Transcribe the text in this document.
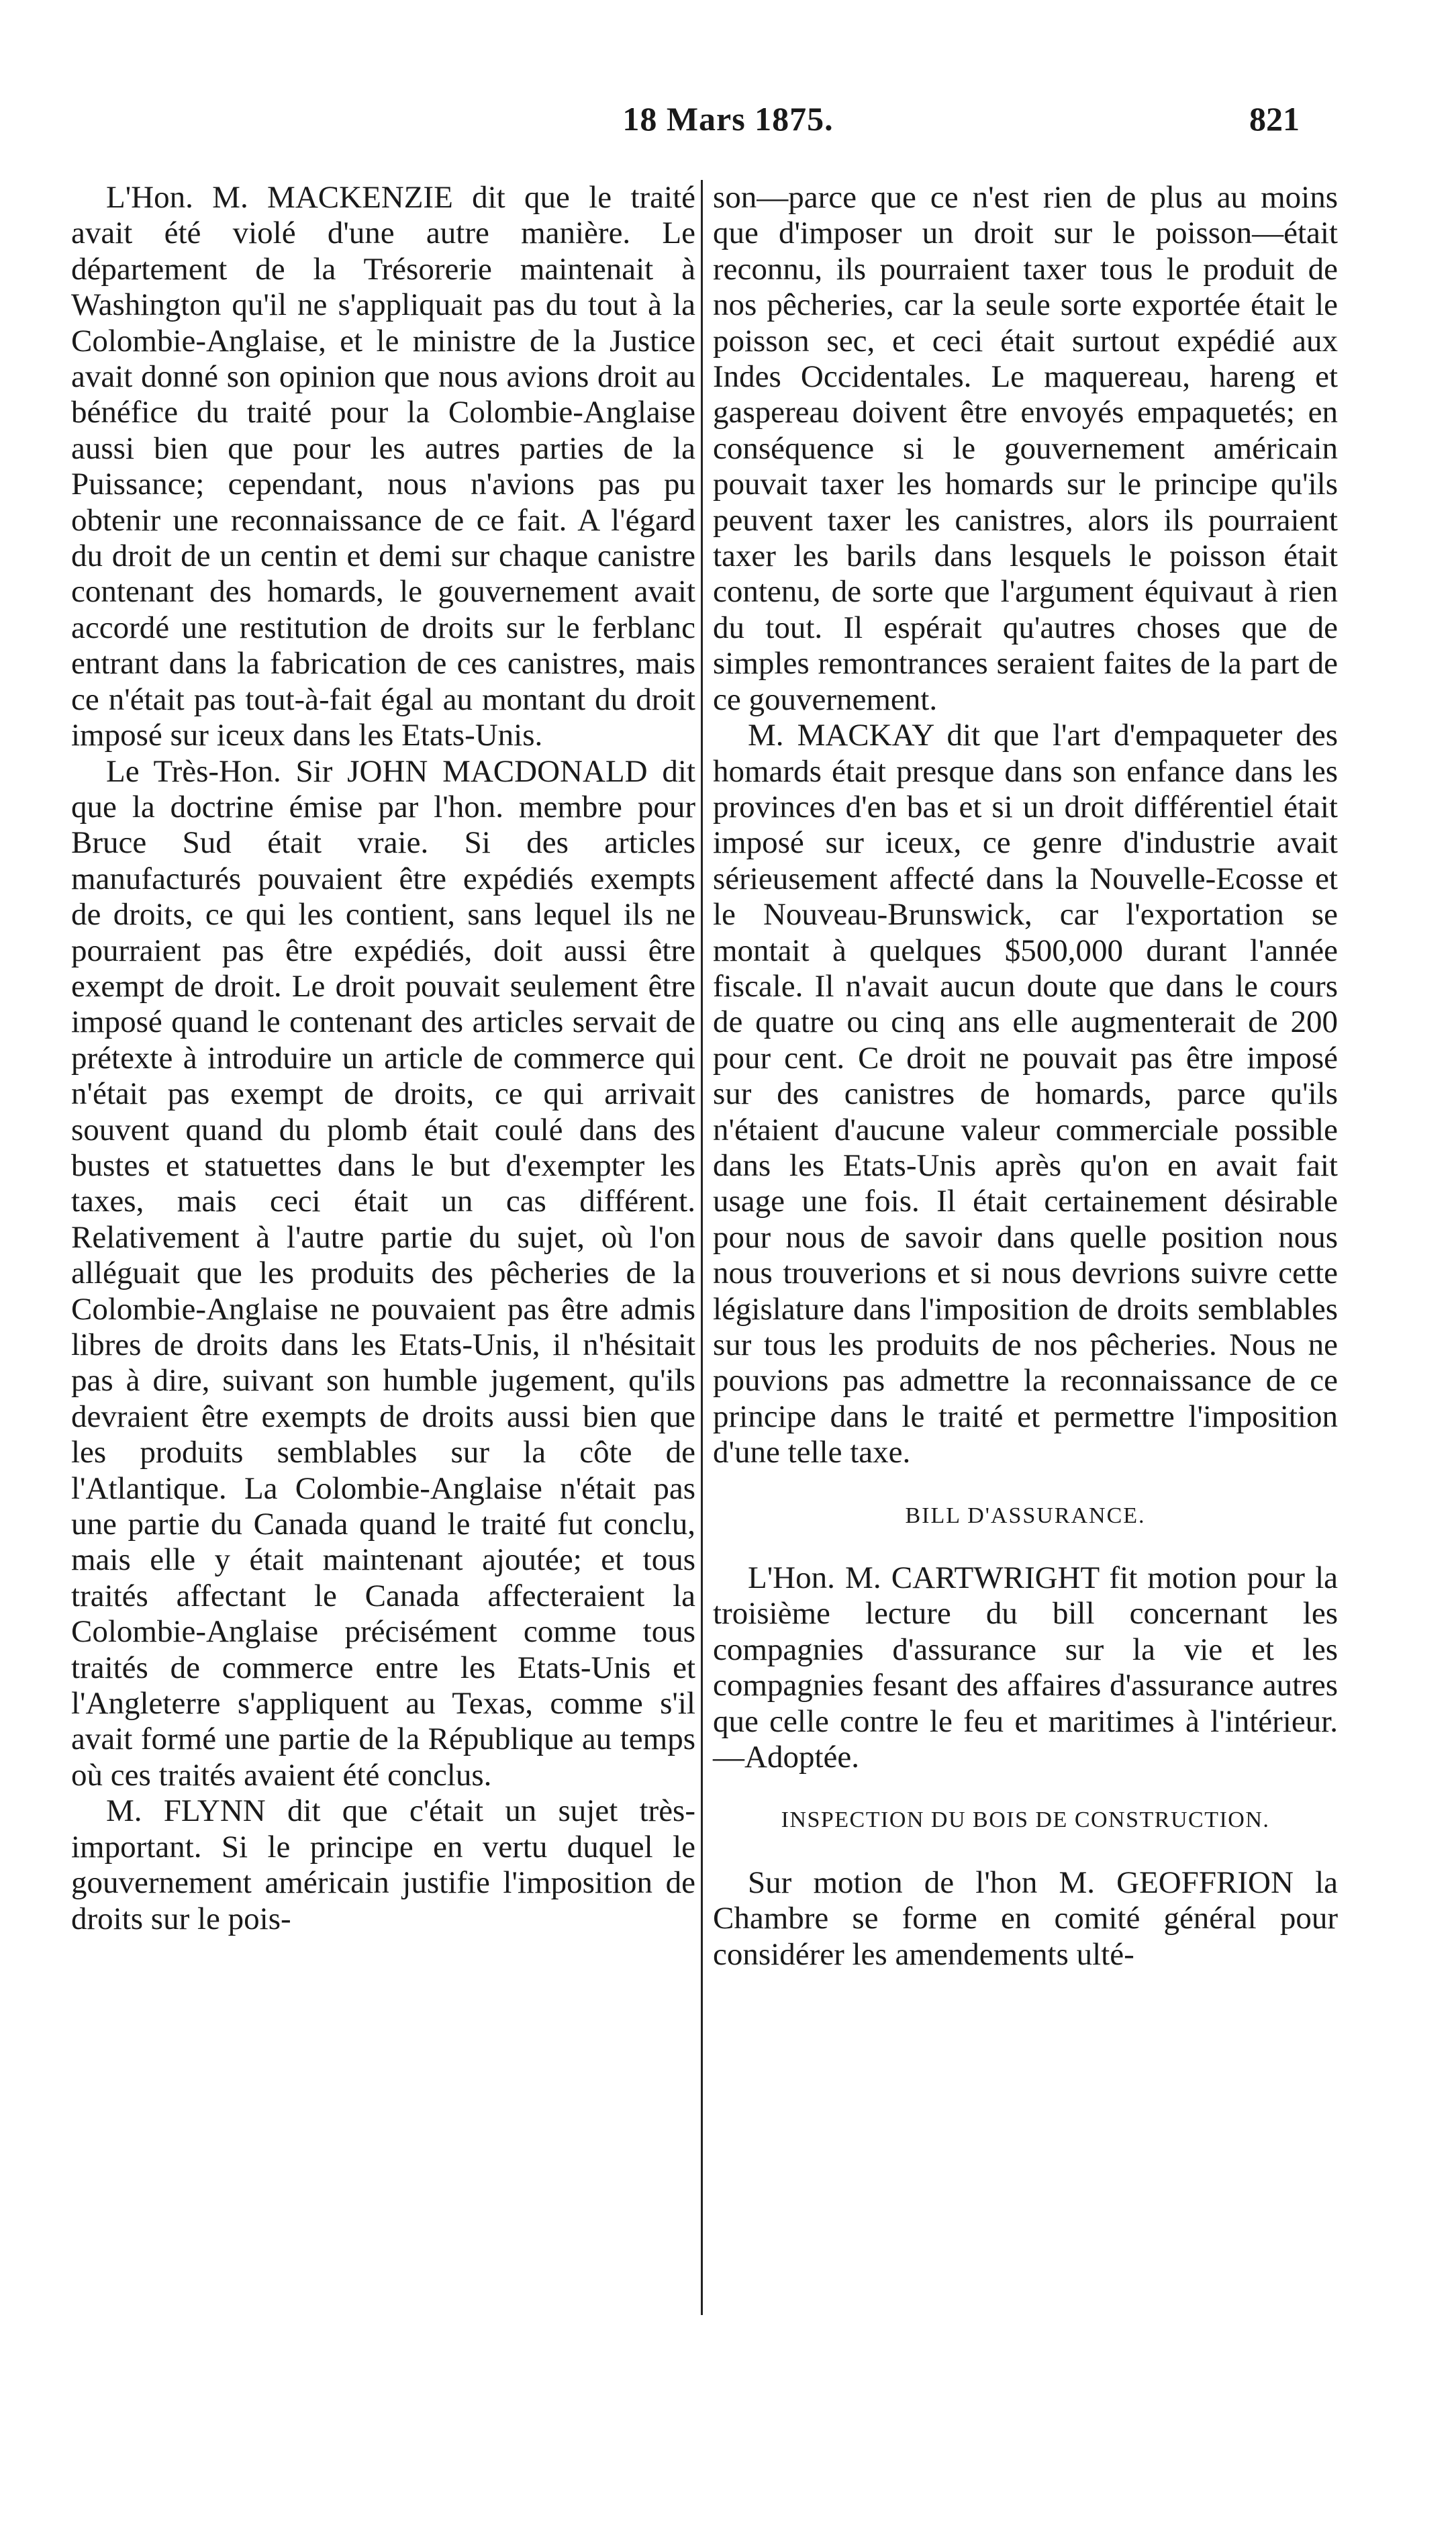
18 Mars 1875.	821

L'Hon. M. MACKENZIE dit que le traité avait été violé d'une autre manière. Le département de la Trésorerie maintenait à Washington qu'il ne s'appliquait pas du tout à la Colombie-Anglaise, et le ministre de la Justice avait donné son opinion que nous avions droit au bénéfice du traité pour la Colombie-Anglaise aussi bien que pour les autres parties de la Puissance; cependant, nous n'avions pas pu obtenir une reconnaissance de ce fait. A l'égard du droit de un centin et demi sur chaque canistre contenant des homards, le gouvernement avait accordé une restitution de droits sur le ferblanc entrant dans la fabrication de ces canistres, mais ce n'était pas tout-à-fait égal au montant du droit imposé sur iceux dans les Etats-Unis.

Le Très-Hon. Sir JOHN MACDONALD dit que la doctrine émise par l'hon. membre pour Bruce Sud était vraie. Si des articles manufacturés pouvaient être expédiés exempts de droits, ce qui les contient, sans lequel ils ne pourraient pas être expédiés, doit aussi être exempt de droit. Le droit pouvait seulement être imposé quand le contenant des articles servait de prétexte à introduire un article de commerce qui n'était pas exempt de droits, ce qui arrivait souvent quand du plomb était coulé dans des bustes et statuettes dans le but d'exempter les taxes, mais ceci était un cas différent. Relativement à l'autre partie du sujet, où l'on alléguait que les produits des pêcheries de la Colombie-Anglaise ne pouvaient pas être admis libres de droits dans les Etats-Unis, il n'hésitait pas à dire, suivant son humble jugement, qu'ils devraient être exempts de droits aussi bien que les produits semblables sur la côte de l'Atlantique. La Colombie-Anglaise n'était pas une partie du Canada quand le traité fut conclu, mais elle y était maintenant ajoutée; et tous traités affectant le Canada affecteraient la Colombie-Anglaise précisément comme tous traités de commerce entre les Etats-Unis et l'Angleterre s'appliquent au Texas, comme s'il avait formé une partie de la République au temps où ces traités avaient été conclus.

M. FLYNN dit que c'était un sujet très-important. Si le principe en vertu duquel le gouvernement américain justifie l'imposition de droits sur le pois-

son—parce que ce n'est rien de plus au moins que d'imposer un droit sur le poisson—était reconnu, ils pourraient taxer tous le produit de nos pêcheries, car la seule sorte exportée était le poisson sec, et ceci était surtout expédié aux Indes Occidentales. Le maquereau, hareng et gaspereau doivent être envoyés empaquetés; en conséquence si le gouvernement américain pouvait taxer les homards sur le principe qu'ils peuvent taxer les canistres, alors ils pourraient taxer les barils dans lesquels le poisson était contenu, de sorte que l'argument équivaut à rien du tout. Il espérait qu'autres choses que de simples remontrances seraient faites de la part de ce gouvernement.

M. MACKAY dit que l'art d'empaqueter des homards était presque dans son enfance dans les provinces d'en bas et si un droit différentiel était imposé sur iceux, ce genre d'industrie avait sérieusement affecté dans la Nouvelle-Ecosse et le Nouveau-Brunswick, car l'exportation se montait à quelques $500,000 durant l'année fiscale. Il n'avait aucun doute que dans le cours de quatre ou cinq ans elle augmenterait de 200 pour cent. Ce droit ne pouvait pas être imposé sur des canistres de homards, parce qu'ils n'étaient d'aucune valeur commerciale possible dans les Etats-Unis après qu'on en avait fait usage une fois. Il était certainement désirable pour nous de savoir dans quelle position nous nous trouverions et si nous devrions suivre cette législature dans l'imposition de droits semblables sur tous les produits de nos pêcheries. Nous ne pouvions pas admettre la reconnaissance de ce principe dans le traité et permettre l'imposition d'une telle taxe.

BILL D'ASSURANCE.

L'Hon. M. CARTWRIGHT fit motion pour la troisième lecture du bill concernant les compagnies d'assurance sur la vie et les compagnies fesant des affaires d'assurance autres que celle contre le feu et maritimes à l'intérieur.—Adoptée.

INSPECTION DU BOIS DE CONSTRUCTION.

Sur motion de l'hon M. GEOFFRION la Chambre se forme en comité général pour considérer les amendements ulté-
